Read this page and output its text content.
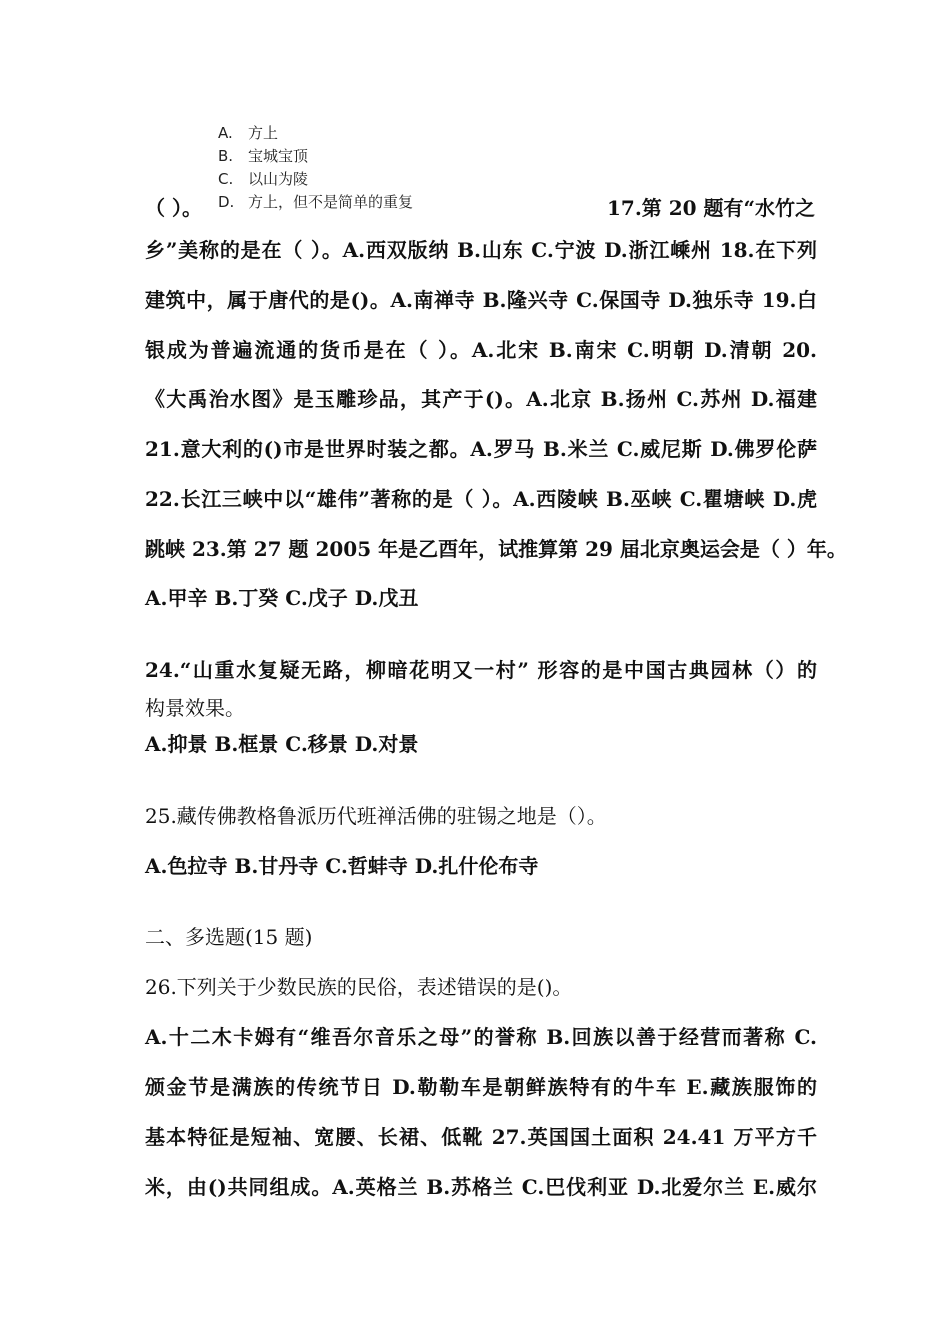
A. 方上
B. 宝城宝顶
C. 以山为陵
D. 方上，但不是简单的重复
（ ）。	17.第 20 题有“水竹之
乡”美称的是在（ ）。A.西双版纳 B.山东 C.宁波 D.浙江嵊州 18.在下列
建筑中，属于唐代的是()。A.南禅寺 B.隆兴寺 C.保国寺 D.独乐寺 19.白
银成为普遍流通的货币是在（ ）。A.北宋 B.南宋 C.明朝 D.清朝 20.
《大禹治水图》是玉雕珍品，其产于()。A.北京 B.扬州 C.苏州 D.福建
21.意大利的()市是世界时装之都。A.罗马 B.米兰 C.威尼斯 D.佛罗伦萨
22.长江三峡中以“雄伟”著称的是（ ）。A.西陵峡 B.巫峡 C.瞿塘峡 D.虎
跳峡 23.第 27 题 2005 年是乙酉年，试推算第 29 届北京奥运会是（ ）年。
A.甲辛 B.丁癸 C.戊子 D.戊丑
24.“山重水复疑无路，柳暗花明又一村” 形容的是中国古典园林（）的
构景效果。
A.抑景 B.框景 C.移景 D.对景
25.藏传佛教格鲁派历代班禅活佛的驻锡之地是（）。
A.色拉寺 B.甘丹寺 C.哲蚌寺 D.扎什伦布寺
二、多选题(15 题)
26.下列关于少数民族的民俗，表述错误的是()。
A.十二木卡姆有“维吾尔音乐之母”的誉称 B.回族以善于经营而著称 C.
颁金节是满族的传统节日 D.勒勒车是朝鲜族特有的牛车 E.藏族服饰的
基本特征是短袖、宽腰、长裙、低靴 27.英国国土面积 24.41 万平方千
米，由()共同组成。A.英格兰 B.苏格兰 C.巴伐利亚 D.北爱尔兰 E.威尔
